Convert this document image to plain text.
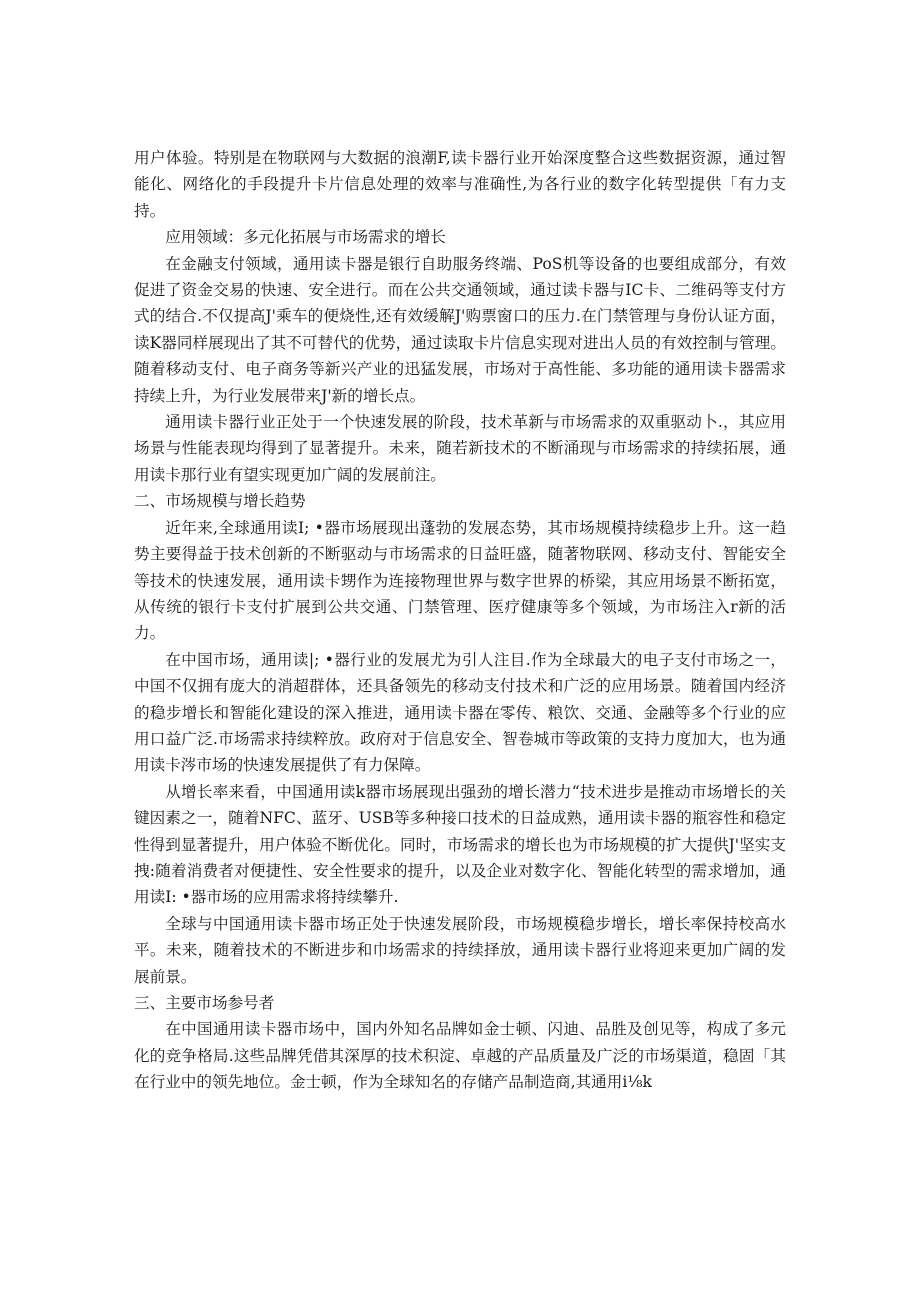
用户体验。特别是在物联网与大数据的浪潮F,读卡器行业开始深度整合这些数据资源，通过智能化、网络化的手段提升卡片信息处理的效率与准确性,为各行业的数字化转型提供「有力支持。

应用领域：多元化拓展与市场需求的增长

在金融支付领域，通用读卡器是银行自助服务终端、PoS机等设备的也要组成部分，有效促进了资金交易的快速、安全进行。而在公共交通领域，通过读卡器与IC卡、二维码等支付方式的结合.不仅提高J'乘车的便烧性,还有效缓解J'购票窗口的压力.在门禁管理与身份认证方面，读K器同样展现出了其不可替代的优势，通过读取卡片信息实现对进出人员的有效控制与管理。随着移动支付、电子商务等新兴产业的迅猛发展，市场对于高性能、多功能的通用读卡器需求持续上升，为行业发展带来J'新的增长点。

通用读卡器行业正处于一个快速发展的阶段，技术革新与市场需求的双重驱动卜.，其应用场景与性能表现均得到了显著提升。未来，随若新技术的不断涌现与市场需求的持续拓展，通用读卡那行业有望实现更加广阔的发展前注。

二、市场规模与增长趋势

近年来,全球通用读I; •器市场展现出蓬勃的发展态势，其市场规模持续稳步上升。这一趋势主要得益于技术创新的不断驱动与市场需求的日益旺盛，随著物联网、移动支付、智能安全等技术的快速发展，通用读卡甥作为连接物理世界与数字世界的桥梁，其应用场景不断拓宽，从传统的银行卡支付扩展到公共交通、门禁管理、医疗健康等多个领域，为市场注入r新的活力。

在中国市场，通用读|; •器行业的发展尤为引人注目.作为全球最大的电子支付市场之一，中国不仅拥有庞大的消超群体，还具备领先的移动支付技术和广泛的应用场景。随着国内经济的稳步增长和智能化建设的深入推进，通用读卡器在零传、粮饮、交通、金融等多个行业的应用口益广泛.市场需求持续粹放。政府对于信息安全、智卷城市等政策的支持力度加大，也为通用读卡涔市场的快速发展提供了有力保障。

从增长率来看，中国通用读k器市场展现出强劲的增长潜力“技术进步是推动市场增长的关键因素之一，随着NFC、蓝牙、USB等多种接口技术的日益成熟，通用读卡器的瓶容性和稳定性得到显著提升，用户体验不断优化。同时，市场需求的增长也为市场规模的扩大提供J'坚实支拽:随着消费者对便捷性、安全性要求的提升，以及企业对数字化、智能化转型的需求增加，通用读I: •器市场的应用需求将持续攀升.

全球与中国通用读卡器市场正处于快速发展阶段，市场规模稳步增长，增长率保持校高水平。未来，随着技术的不断进步和巾场需求的持续择放，通用读卡器行业将迎来更加广阔的发展前景。

三、主要市场参号者

在中国通用读卡器市场中，国内外知名品牌如金士顿、闪迪、品胜及创见等，构成了多元化的竞争格局.这些品牌凭借其深厚的技术积淀、卓越的产品质量及广泛的市场渠道，稳固「其在行业中的领先地位。金士顿，作为全球知名的存储产品制造商,其通用i⅛k
